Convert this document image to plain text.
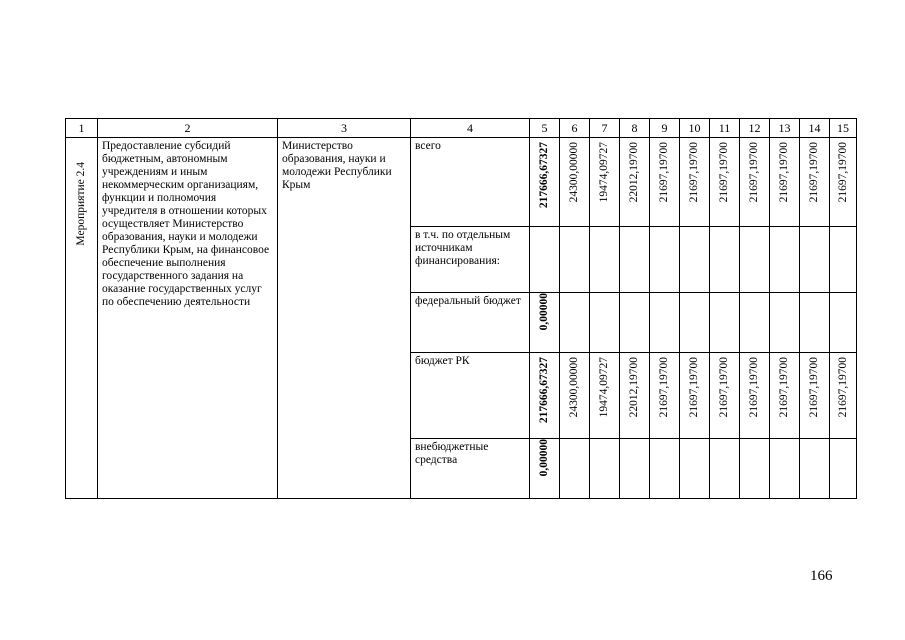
1	2	3	4	5	6	7	8	9	10	11	12	13	14	15

Мероприятие 2.4	Предоставление субсидий бюджетным, автономным учреждениям и иным некоммерческим организациям, функции и полномочия учредителя в отношении которых осуществляет Министерство образования, науки и молодежи Республики Крым, на финансовое обеспечение выполнения государственного задания на оказание государственных услуг по обеспечению деятельности	Министерство образования, науки и молодежи Республики Крым	всего	217666,67327	24300,00000	19474,09727	22012,19700	21697,19700	21697,19700	21697,19700	21697,19700	21697,19700	21697,19700	21697,19700

			в т.ч. по отдельным источникам финансирования:											

			федеральный бюджет	0,00000										

			бюджет РК	217666,67327	24300,00000	19474,09727	22012,19700	21697,19700	21697,19700	21697,19700	21697,19700	21697,19700	21697,19700	21697,19700

			внебюджетные средства	0,00000										

166
